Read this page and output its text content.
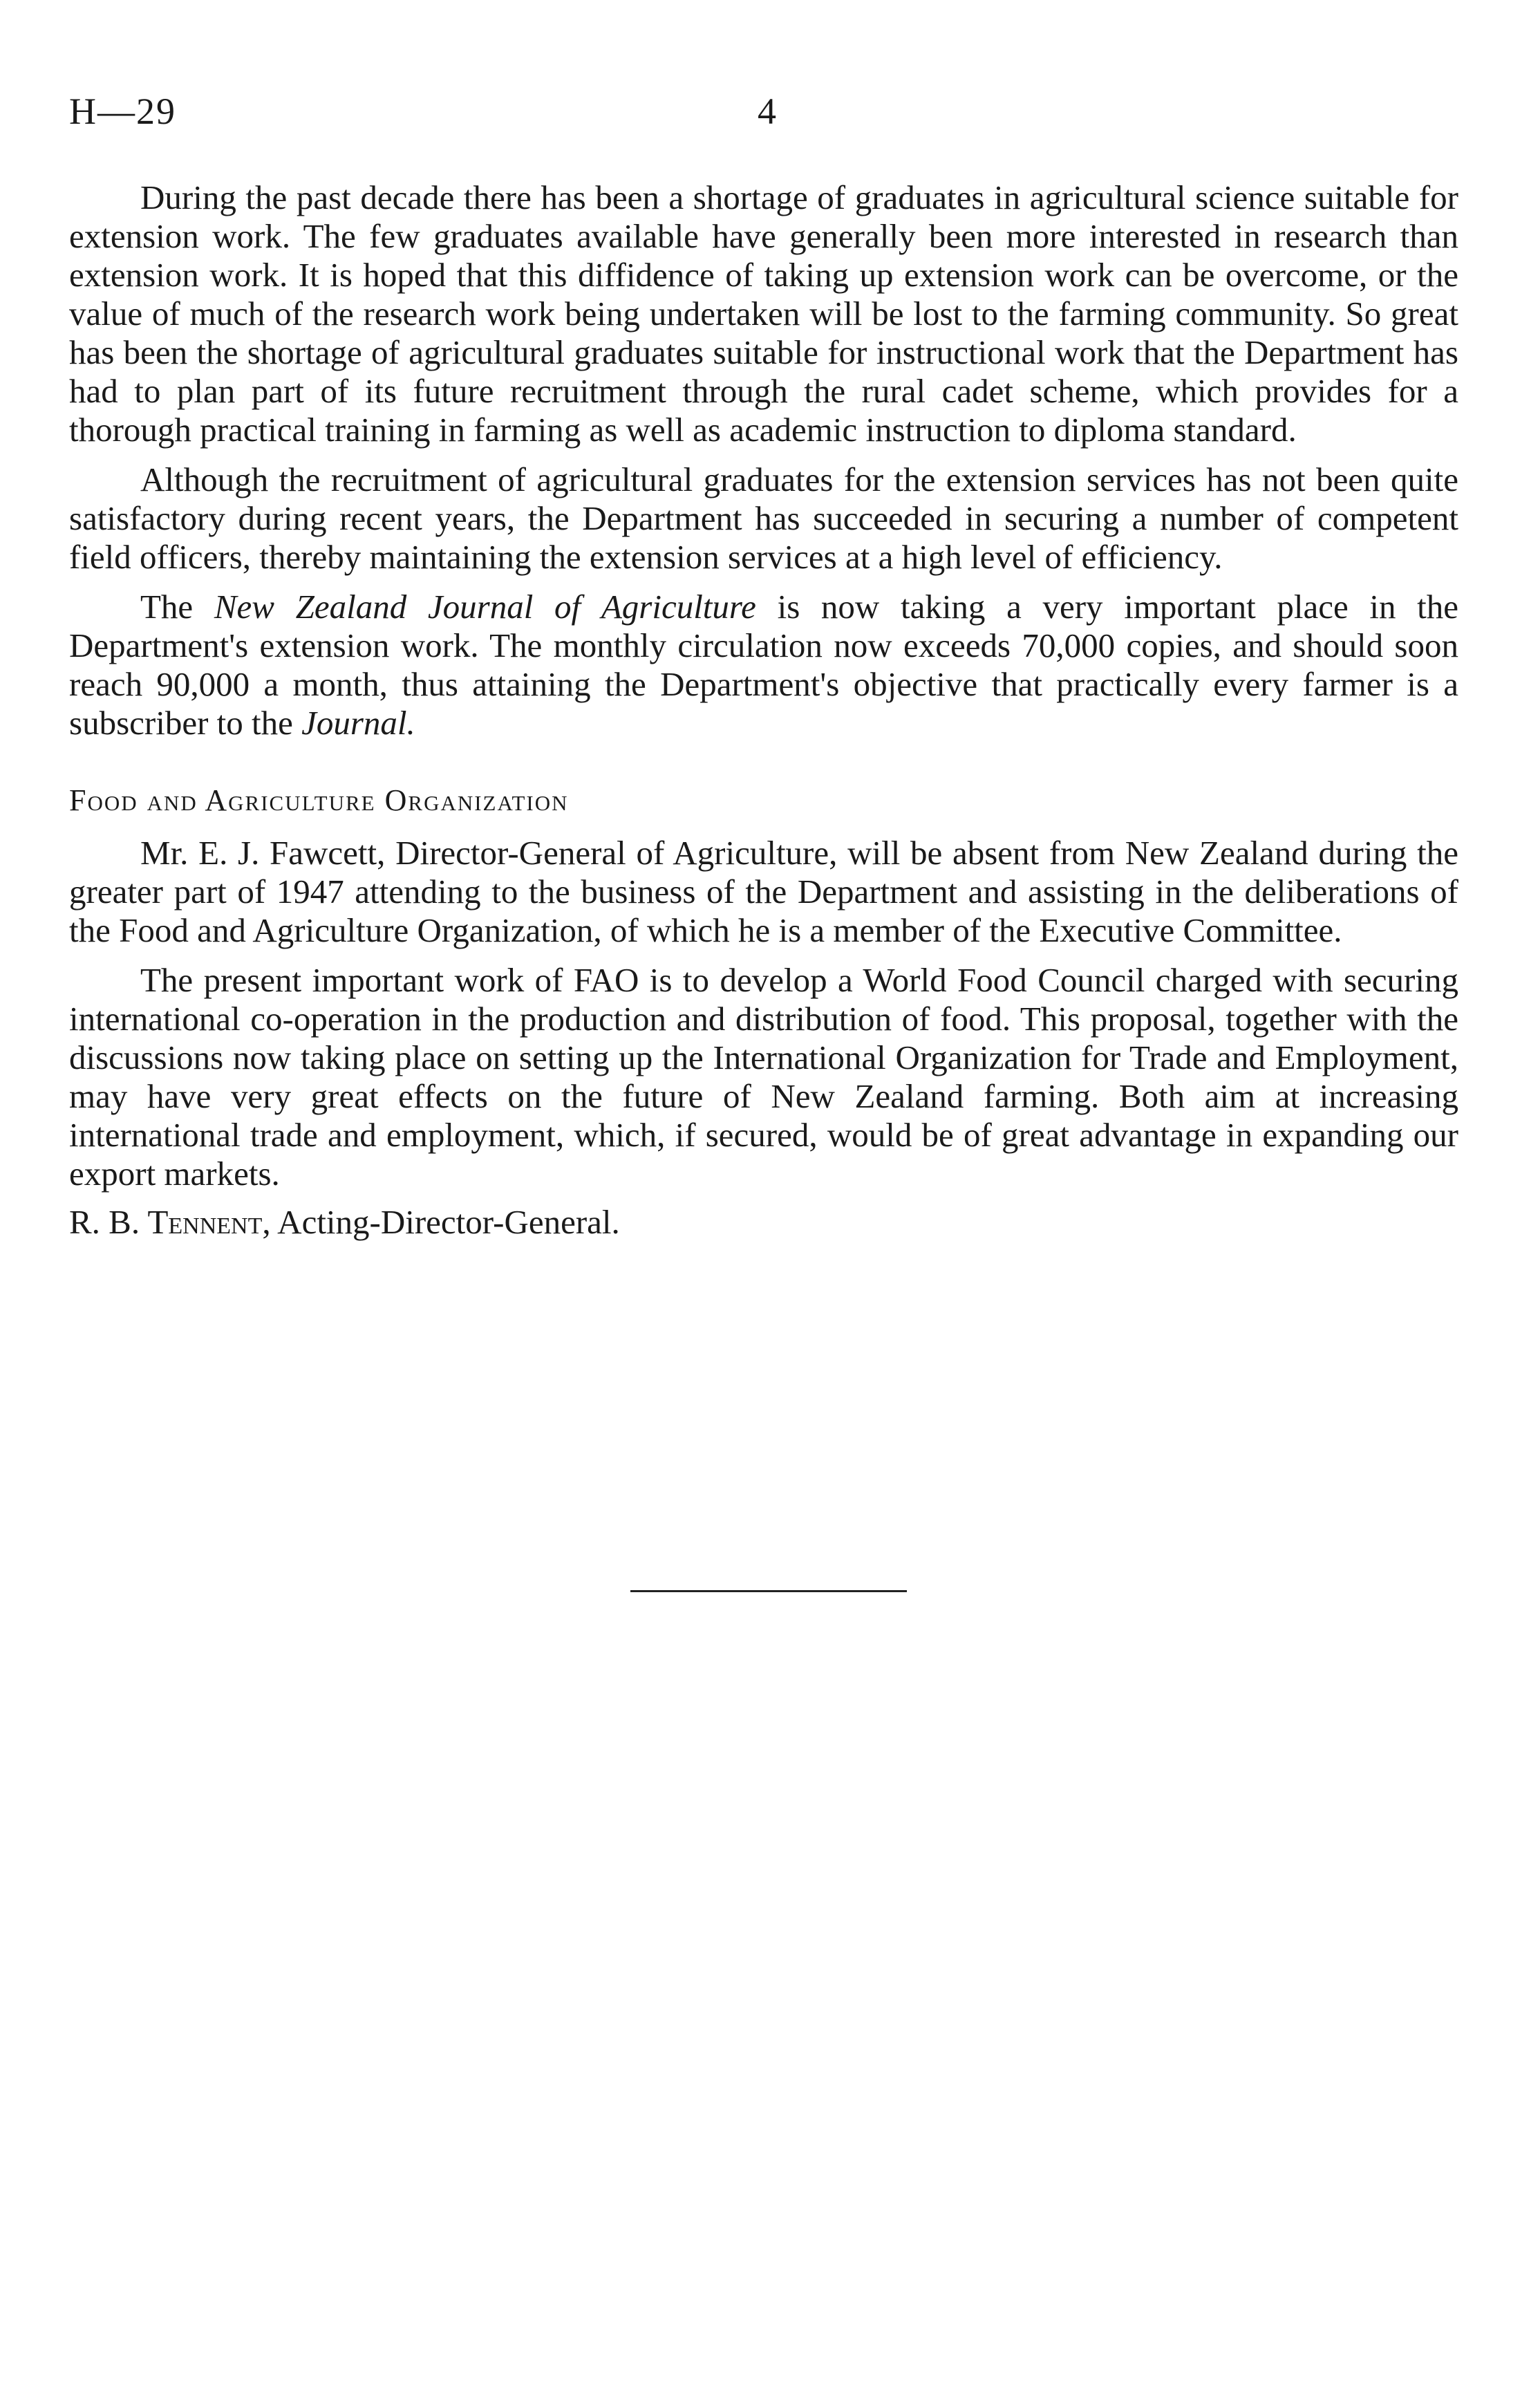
H—29	4

During the past decade there has been a shortage of graduates in agricultural science suitable for extension work. The few graduates available have generally been more interested in research than extension work. It is hoped that this diffidence of taking up extension work can be overcome, or the value of much of the research work being undertaken will be lost to the farming community. So great has been the shortage of agricultural graduates suitable for instructional work that the Department has had to plan part of its future recruitment through the rural cadet scheme, which provides for a thorough practical training in farming as well as academic instruction to diploma standard.

Although the recruitment of agricultural graduates for the extension services has not been quite satisfactory during recent years, the Department has succeeded in securing a number of competent field officers, thereby maintaining the extension services at a high level of efficiency.

The New Zealand Journal of Agriculture is now taking a very important place in the Department's extension work. The monthly circulation now exceeds 70,000 copies, and should soon reach 90,000 a month, thus attaining the Department's objective that practically every farmer is a subscriber to the Journal.

Food and Agriculture Organization

Mr. E. J. Fawcett, Director-General of Agriculture, will be absent from New Zealand during the greater part of 1947 attending to the business of the Department and assisting in the deliberations of the Food and Agriculture Organization, of which he is a member of the Executive Committee.

The present important work of FAO is to develop a World Food Council charged with securing international co-operation in the production and distribution of food. This proposal, together with the discussions now taking place on setting up the International Organization for Trade and Employment, may have very great effects on the future of New Zealand farming. Both aim at increasing international trade and employment, which, if secured, would be of great advantage in expanding our export markets.

R. B. Tennent, Acting-Director-General.
